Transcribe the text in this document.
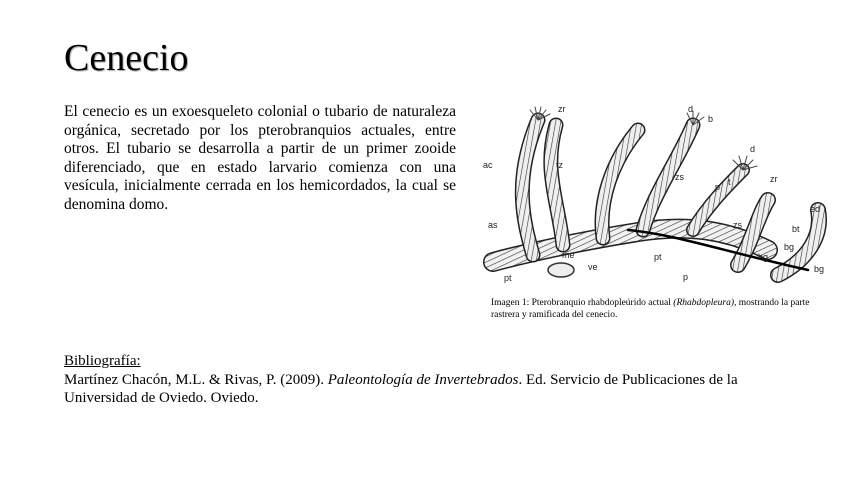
Cenecio

El cenecio es un exoesqueleto colonial o tubario de naturaleza orgánica, secretado por los pterobranquios actuales, entre otros. El tubario se desarrolla a partir de un primer zooide diferenciado, que en estado larvario comienza con una vesícula, inicialmente cerrada en los hemicordados, la cual se denomina domo.

zr	d
b
d
ac	tz
zs
p t	zr
ed
bt
as	zs
me
ve
pt
pt
p
bg
bg
bg

Imagen 1: Pterobranquio rhabdopleúrido actual (Rhabdopleura), mostrando la parte rastrera y ramificada del cenecio.

Bibliografía:
Martínez Chacón, M.L. & Rivas, P. (2009). Paleontología de Invertebrados. Ed. Servicio de Publicaciones de la Universidad de Oviedo. Oviedo.
